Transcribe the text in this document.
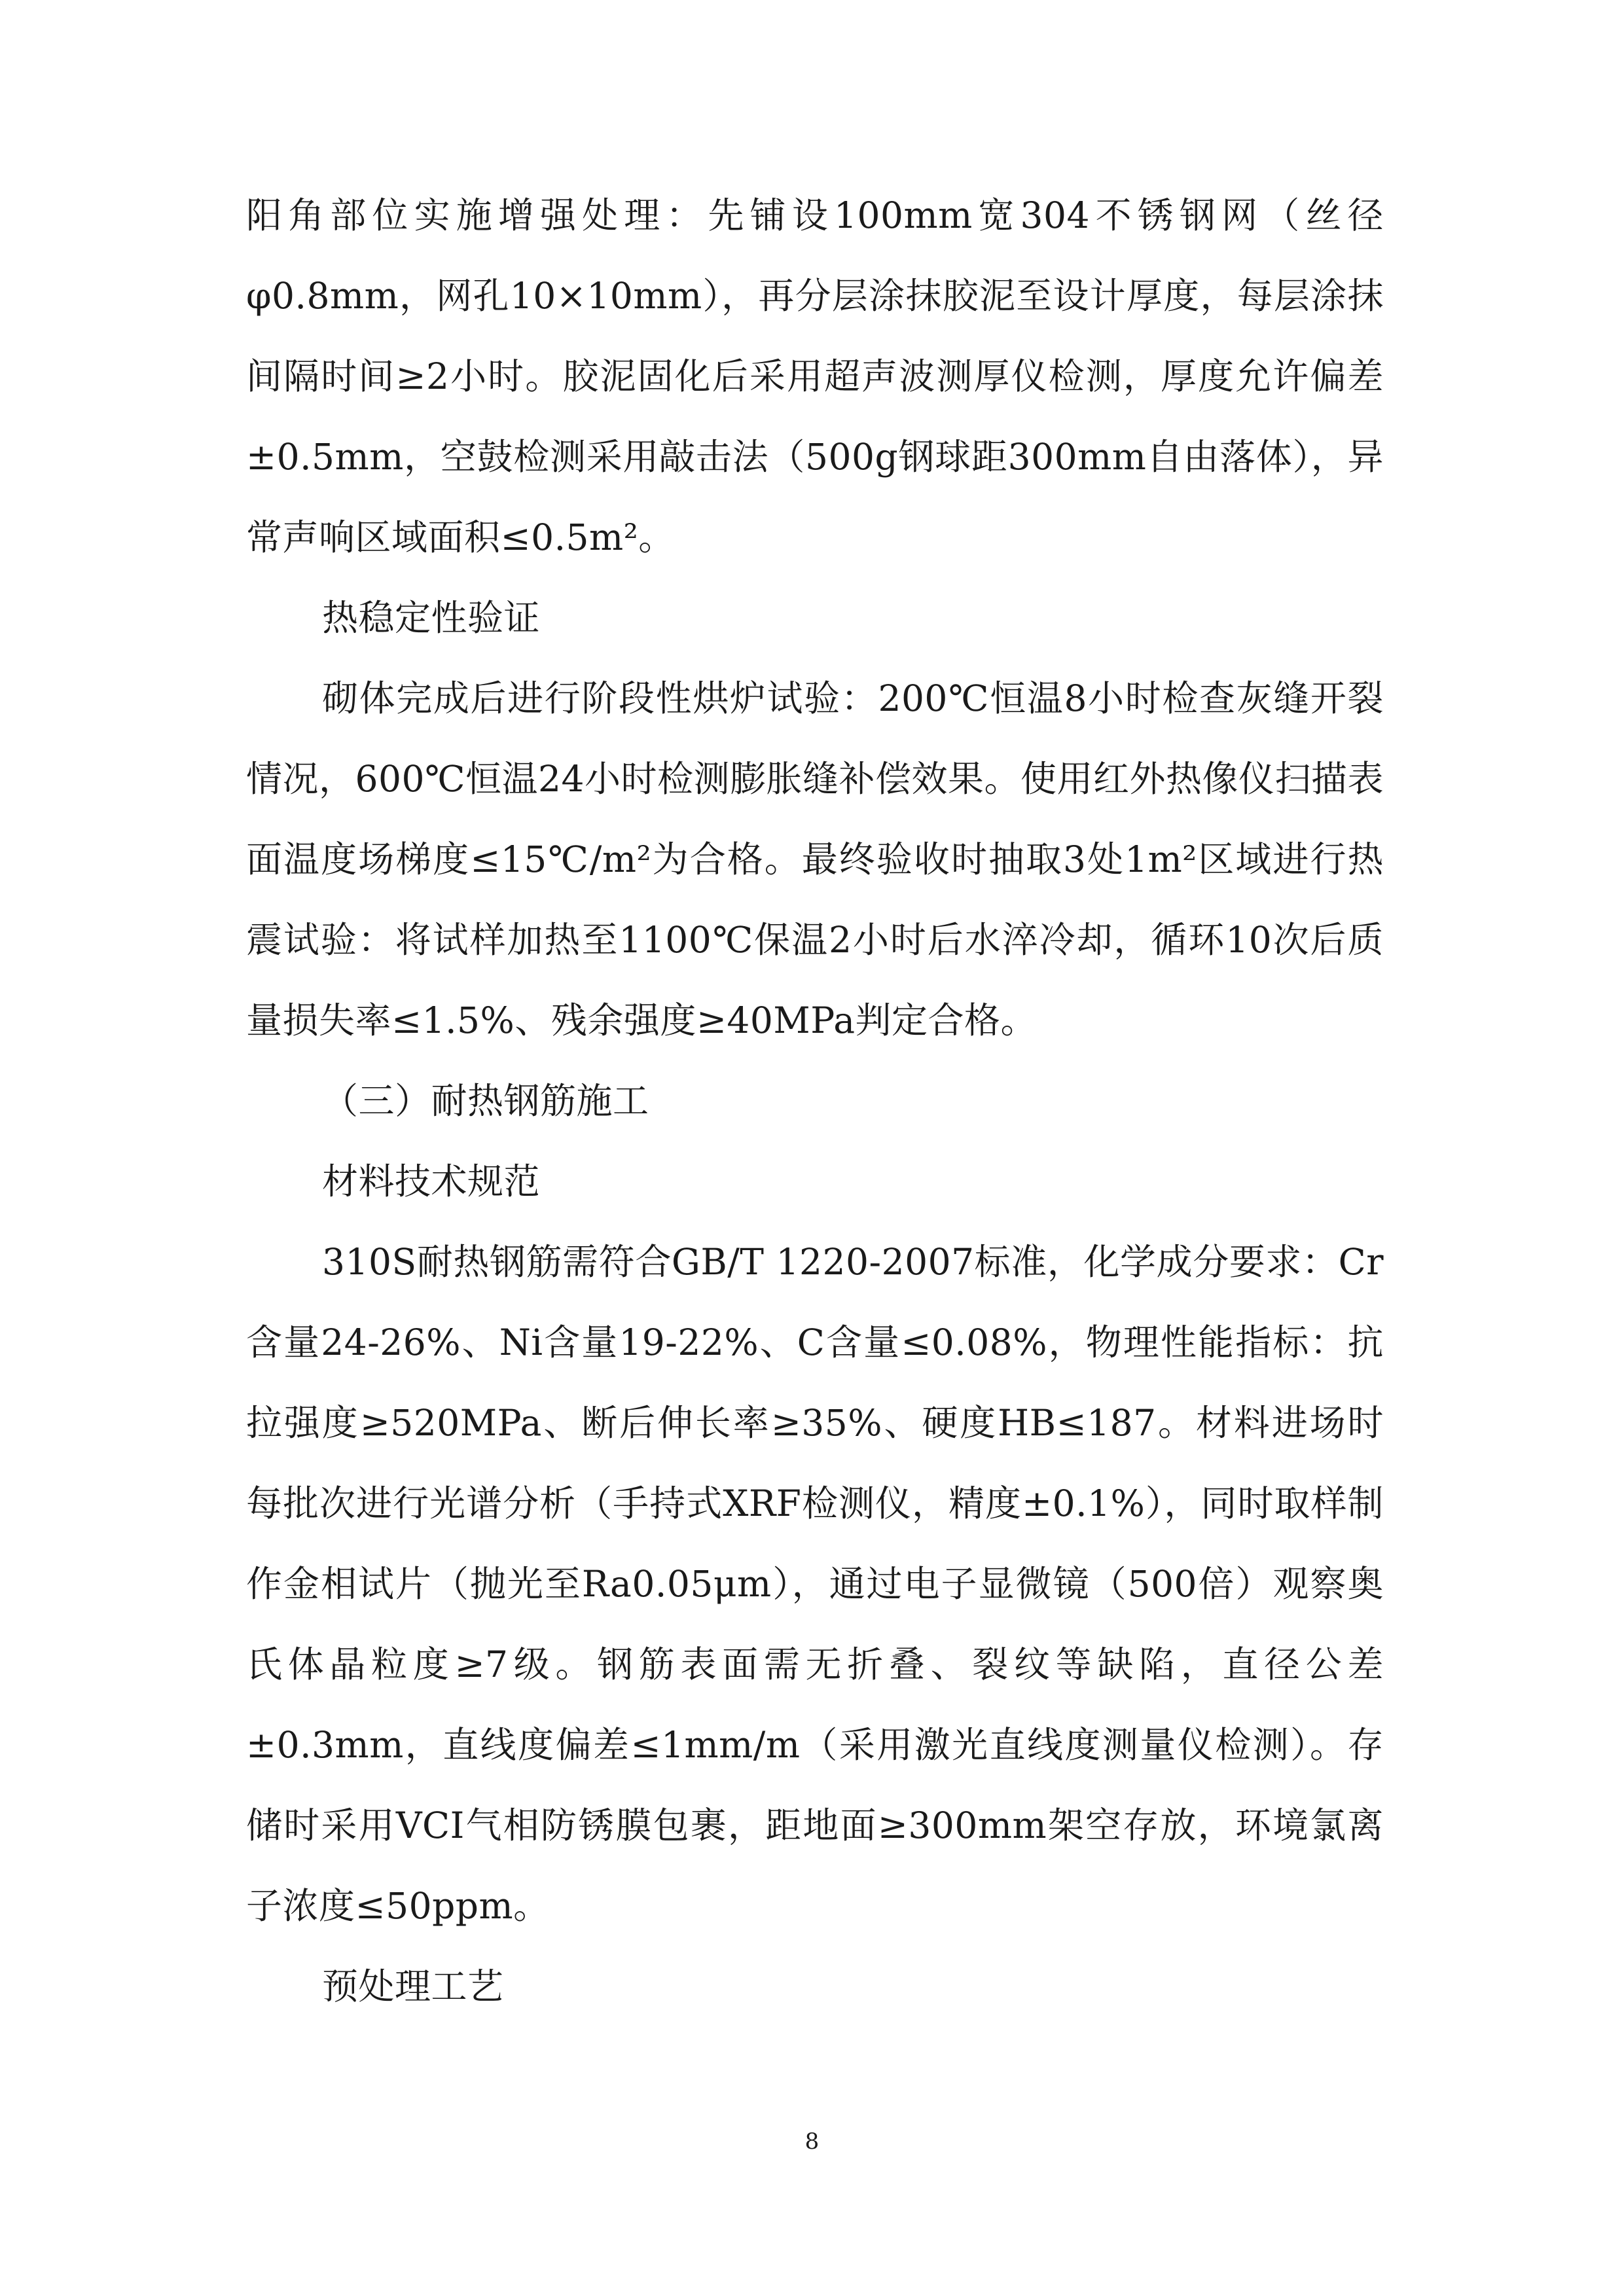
阳角部位实施增强处理：先铺设100mm宽304不锈钢网（丝径φ0.8mm，网孔10×10mm），再分层涂抹胶泥至设计厚度，每层涂抹间隔时间≥2小时。胶泥固化后采用超声波测厚仪检测，厚度允许偏差±0.5mm，空鼓检测采用敲击法（500g钢球距300mm自由落体），异常声响区域面积≤0.5m²。

热稳定性验证

砌体完成后进行阶段性烘炉试验：200℃恒温8小时检查灰缝开裂情况，600℃恒温24小时检测膨胀缝补偿效果。使用红外热像仪扫描表面温度场梯度≤15℃/m²为合格。最终验收时抽取3处1m²区域进行热震试验：将试样加热至1100℃保温2小时后水淬冷却，循环10次后质量损失率≤1.5%、残余强度≥40MPa判定合格。

（三）耐热钢筋施工

材料技术规范

310S耐热钢筋需符合GB/T 1220-2007标准，化学成分要求：Cr含量24-26%、Ni含量19-22%、C含量≤0.08%，物理性能指标：抗拉强度≥520MPa、断后伸长率≥35%、硬度HB≤187。材料进场时每批次进行光谱分析（手持式XRF检测仪，精度±0.1%），同时取样制作金相试片（抛光至Ra0.05μm），通过电子显微镜（500倍）观察奥氏体晶粒度≥7级。钢筋表面需无折叠、裂纹等缺陷，直径公差±0.3mm，直线度偏差≤1mm/m（采用激光直线度测量仪检测）。存储时采用VCI气相防锈膜包裹，距地面≥300mm架空存放，环境氯离子浓度≤50ppm。

预处理工艺

8
